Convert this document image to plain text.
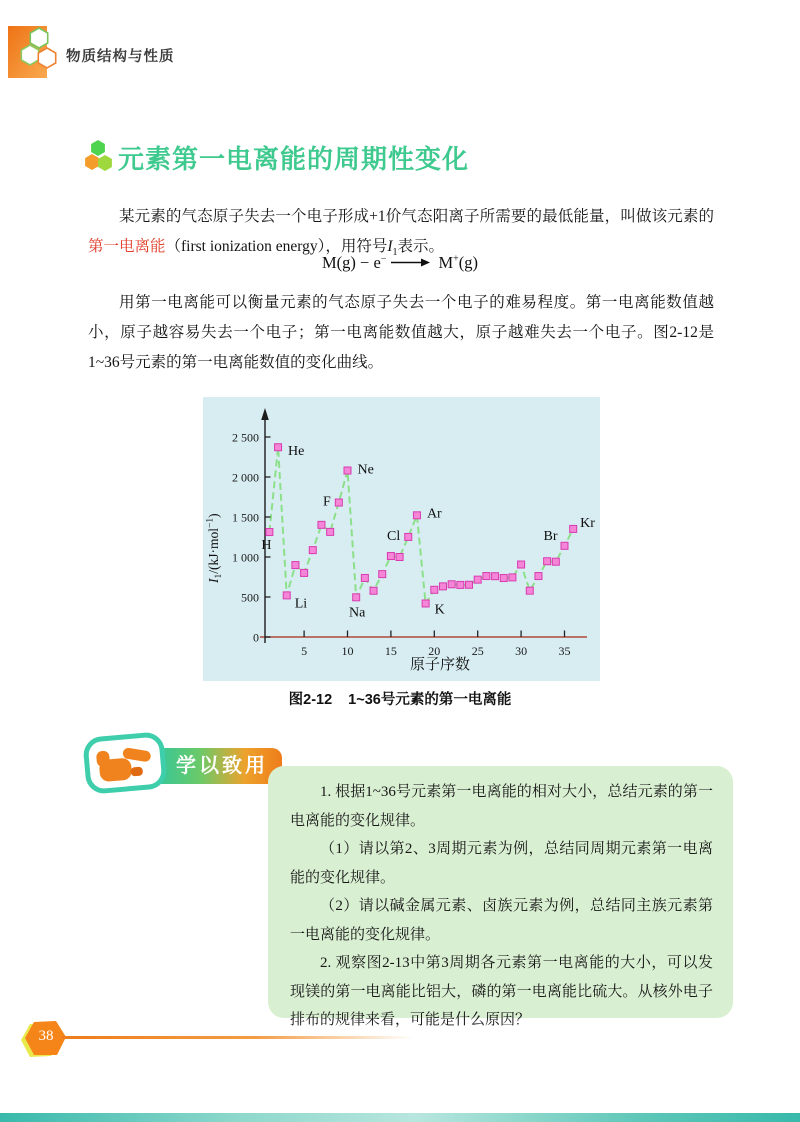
物质结构与性质
元素第一电离能的周期性变化

某元素的气态原子失去一个电子形成+1价气态阳离子所需要的最低能量，叫做该元素的第一电离能（first ionization energy），用符号$I_1$表示。

M(g) − e− → M+(g)

用第一电离能可以衡量元素的气态原子失去一个电子的难易程度。第一电离能数值越小，原子越容易失去一个电子；第一电离能数值越大，原子越难失去一个电子。图2-12是1~36号元素的第一电离能数值的变化曲线。

5	10	15	20	25	30	35
0
500
1 000
1 500
2 000
2 500
H
He
Li
F
Ne
Na
Cl
Ar
K
Br
Kr
原子序数
$I_1/(kJ\cdot mol^{-1})$

图2-12 1~36号元素的第一电离能

学以致用

1. 根据1~36号元素第一电离能的相对大小，总结元素的第一电离能的变化规律。

（1）请以第2、3周期元素为例，总结同周期元素第一电离能的变化规律。

（2）请以碱金属元素、卤族元素为例，总结同主族元素第一电离能的变化规律。

2. 观察图2-13中第3周期各元素第一电离能的大小，可以发现镁的第一电离能比铝大，磷的第一电离能比硫大。从核外电子排布的规律来看，可能是什么原因？

38
